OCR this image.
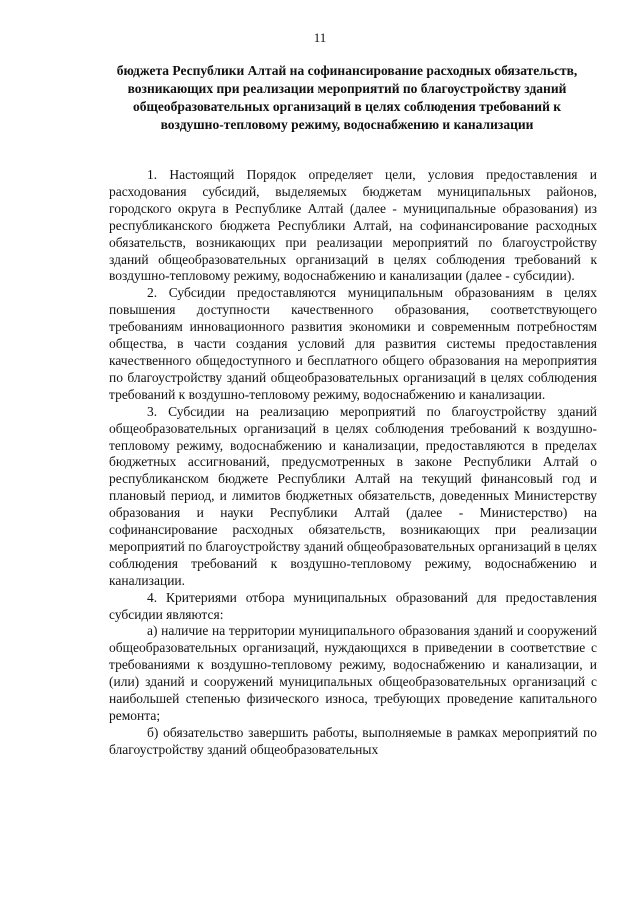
11
бюджета Республики Алтай на софинансирование расходных обязательств, возникающих при реализации мероприятий по благоустройству зданий общеобразовательных организаций в целях соблюдения требований к воздушно-тепловому режиму, водоснабжению и канализации

1. Настоящий Порядок определяет цели, условия предоставления и расходования субсидий, выделяемых бюджетам муниципальных районов, городского округа в Республике Алтай (далее - муниципальные образования) из республиканского бюджета Республики Алтай, на софинансирование расходных обязательств, возникающих при реализации мероприятий по благоустройству зданий общеобразовательных организаций в целях соблюдения требований к воздушно-тепловому режиму, водоснабжению и канализации (далее - субсидии).

2. Субсидии предоставляются муниципальным образованиям в целях повышения доступности качественного образования, соответствующего требованиям инновационного развития экономики и современным потребностям общества, в части создания условий для развития системы предоставления качественного общедоступного и бесплатного общего образования на мероприятия по благоустройству зданий общеобразовательных организаций в целях соблюдения требований к воздушно-тепловому режиму, водоснабжению и канализации.

3. Субсидии на реализацию мероприятий по благоустройству зданий общеобразовательных организаций в целях соблюдения требований к воздушно-тепловому режиму, водоснабжению и канализации, предоставляются в пределах бюджетных ассигнований, предусмотренных в законе Республики Алтай о республиканском бюджете Республики Алтай на текущий финансовый год и плановый период, и лимитов бюджетных обязательств, доведенных Министерству образования и науки Республики Алтай (далее - Министерство) на софинансирование расходных обязательств, возникающих при реализации мероприятий по благоустройству зданий общеобразовательных организаций в целях соблюдения требований к воздушно-тепловому режиму, водоснабжению и канализации.

4. Критериями отбора муниципальных образований для предоставления субсидии являются:

а) наличие на территории муниципального образования зданий и сооружений общеобразовательных организаций, нуждающихся в приведении в соответствие с требованиями к воздушно-тепловому режиму, водоснабжению и канализации, и (или) зданий и сооружений муниципальных общеобразовательных организаций с наибольшей степенью физического износа, требующих проведение капитального ремонта;

б) обязательство завершить работы, выполняемые в рамках мероприятий по благоустройству зданий общеобразовательных
